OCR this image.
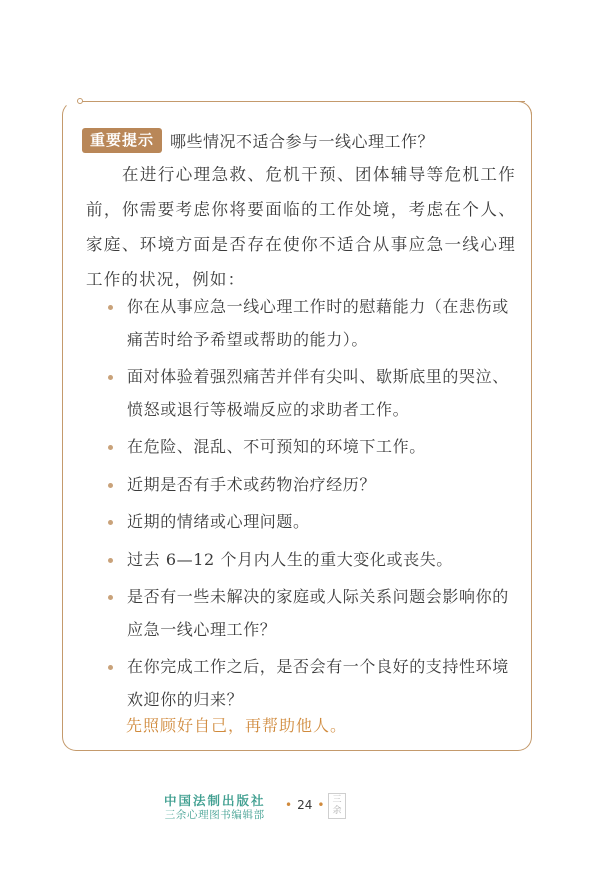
重要提示	哪些情况不适合参与一线心理工作？

在进行心理急救、危机干预、团体辅导等危机工作前，你需要考虑你将要面临的工作处境，考虑在个人、家庭、环境方面是否存在使你不适合从事应急一线心理工作的状况，例如：

你在从事应急一线心理工作时的慰藉能力（在悲伤或痛苦时给予希望或帮助的能力）。
面对体验着强烈痛苦并伴有尖叫、歇斯底里的哭泣、愤怒或退行等极端反应的求助者工作。
在危险、混乱、不可预知的环境下工作。
近期是否有手术或药物治疗经历？
近期的情绪或心理问题。
过去 6—12 个月内人生的重大变化或丧失。
是否有一些未解决的家庭或人际关系问题会影响你的应急一线心理工作？
在你完成工作之后，是否会有一个良好的支持性环境欢迎你的归来？
先照顾好自己，再帮助他人。
中国法制出版社
三余心理图书编辑部
• 24 • 三余
